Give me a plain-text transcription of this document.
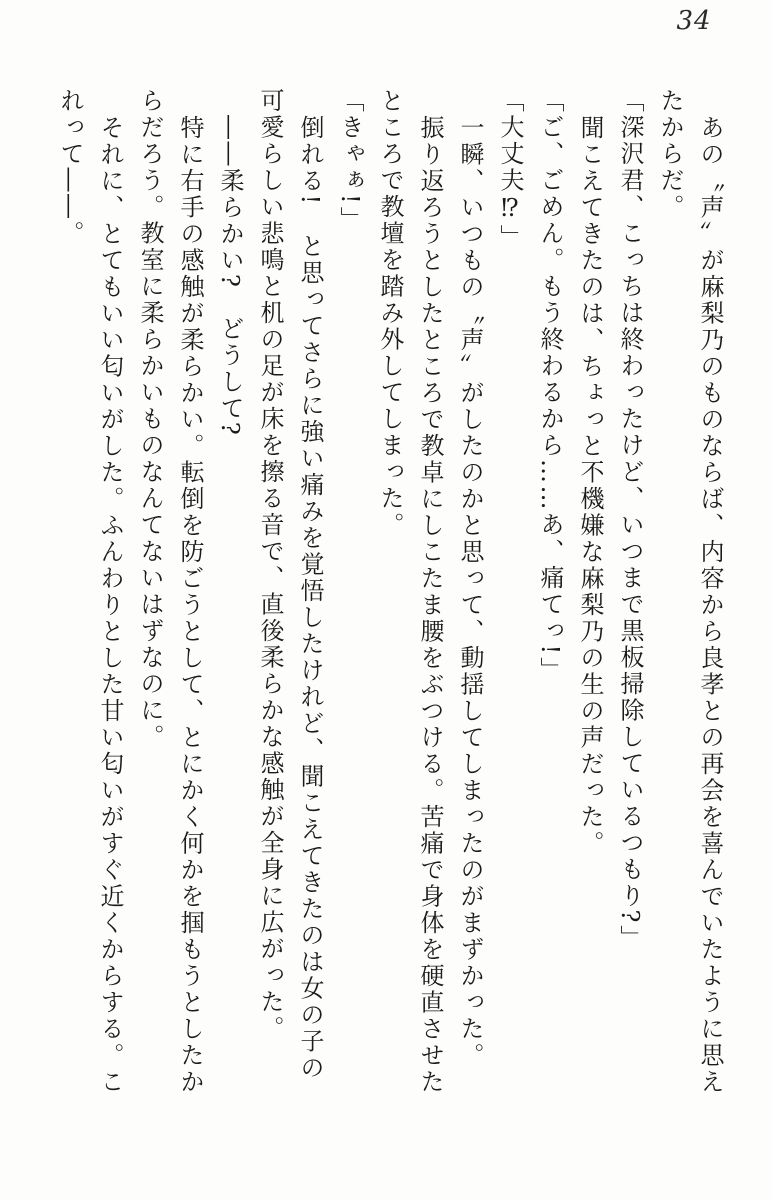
34
あの〝声〟が麻梨乃のものならば、内容から良孝との再会を喜んでいたように思え
たからだ。
「深沢君、こっちは終わったけど、いつまで黒板掃除しているつもり?」
聞こえてきたのは、ちょっと不機嫌な麻梨乃の生の声だった。
「ご、ごめん。もう終わるから……あ、痛てっ!」
「大丈夫⁉」
一瞬、いつもの〝声〟がしたのかと思って、動揺してしまったのがまずかった。
振り返ろうとしたところで教卓にしこたま腰をぶつける。苦痛で身体を硬直させた
ところで教壇を踏み外してしまった。
「きゃぁ!」
倒れる!　と思ってさらに強い痛みを覚悟したけれど、聞こえてきたのは女の子の
可愛らしい悲鳴と机の足が床を擦る音で、直後柔らかな感触が全身に広がった。
――柔らかい?　どうして?
特に右手の感触が柔らかい。転倒を防ごうとして、とにかく何かを掴もうとしたか
らだろう。教室に柔らかいものなんてないはずなのに。
それに、とてもいい匂いがした。ふんわりとした甘い匂いがすぐ近くからする。こ
れって――。
